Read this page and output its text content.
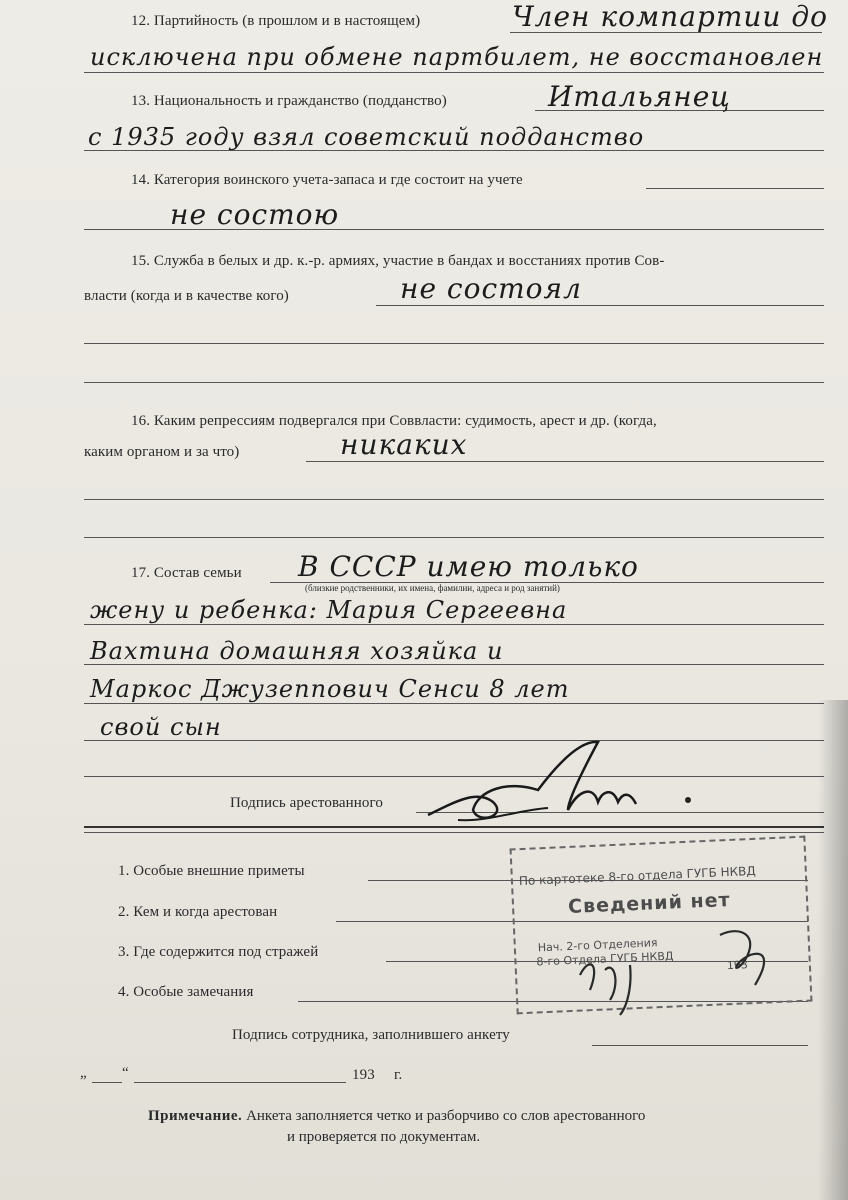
12. Партийность (в прошлом и в настоящем)	Член компартии до
исключена при обмене партбилет, не восстановлен
13. Национальность и гражданство (подданство)	Итальянец
с 1935 году взял советский подданство
14. Категория воинского учета-запаса и где состоит на учете
не состою
15. Служба в белых и др. к.-р. армиях, участие в бандах и восстаниях против Сов-
власти (когда и в качестве кого)	не состоял
16. Каким репрессиям подвергался при Соввласти: судимость, арест и др. (когда,
каким органом и за что)	никаких
17. Состав семьи В СССР имею только
(близкие родственники, их имена, фамилии, адреса и род занятий)
жену и ребенка: Мария Сергеевна
Вахтина домашняя хозяйка и
Маркос Джузеппович Сенси 8 лет
свой сын
Подпись арестованного
1. Особые внешние приметы
2. Кем и когда арестован
3. Где содержится под стражей
4. Особые замечания
По картотеке 8-го отдела ГУГБ НКВД
Сведений нет
Нач. 2-го Отделения
8-го Отдела ГУГБ НКВД	193
Подпись сотрудника, заполнившего анкету
„ “	193 г.
Примечание. Анкета заполняется четко и разборчиво со слов арестованного
и проверяется по документам.
